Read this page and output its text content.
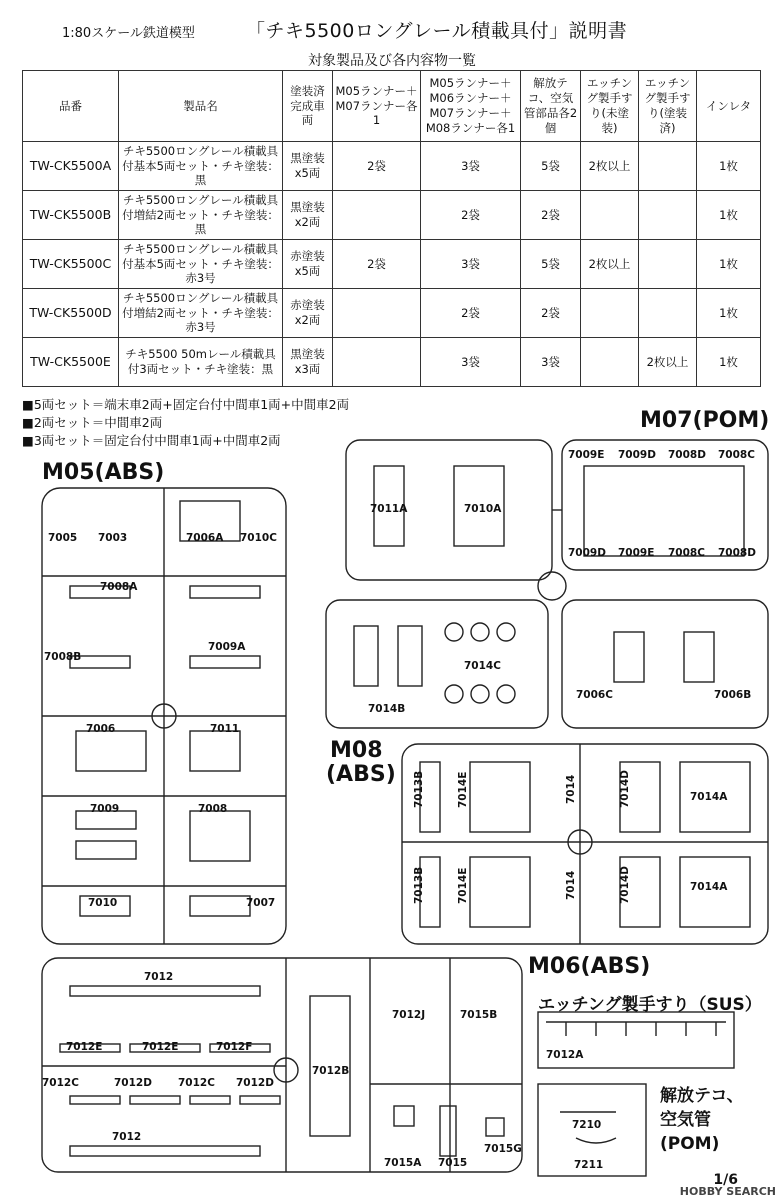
1:80スケール鉄道模型	「チキ5500ロングレール積載具付」説明書
対象製品及び各内容物一覧
品番	製品名	塗装済完成車両	M05ランナー＋M07ランナー各1	M05ランナー＋M06ランナー＋M07ランナー＋M08ランナー各1	解放テコ、空気管部品各2個	エッチング製手すり(未塗装)	エッチング製手すり(塗装済)	インレタ
TW-CK5500A	チキ5500ロングレール積載具付基本5両セット・チキ塗装：黒	黒塗装x5両	2袋	3袋	5袋	2枚以上		1枚
TW-CK5500B	チキ5500ロングレール積載具付増結2両セット・チキ塗装：黒	黒塗装x2両		2袋	2袋			1枚
TW-CK5500C	チキ5500ロングレール積載具付基本5両セット・チキ塗装：赤3号	赤塗装x5両	2袋	3袋	5袋	2枚以上		1枚
TW-CK5500D	チキ5500ロングレール積載具付増結2両セット・チキ塗装：赤3号	赤塗装x2両		2袋	2袋			1枚
TW-CK5500E	チキ5500 50mレール積載具付3両セット・チキ塗装：黒	黒塗装x3両		3袋	3袋		2枚以上	1枚
■ 5両セット＝端末車2両+固定台付中間車1両+中間車2両
■ 2両セット＝中間車2両
■ 3両セット＝固定台付中間車1両+中間車2両
M05(ABS)
M07(POM)
M08
(ABS)
M06(ABS)
エッチング製手すり（SUS）
解放テコ、
空気管
(POM)
7005 7003	7006A 7010C
7008A
7009A
7008B
7006	7011
7009	7008
7010	7007
7009E 7009D 7008D 7008C
7011A	7010A
7009D 7009E 7008C 7008D
7014C
7014B
7006C	7006B
7013B	7014E	7014	7014D	7014A
7013B	7014E	7014	7014D	7014A
7012
7012J	7015B
7012E	7012E	7012F
7012B
7012C	7012D 7012C 7012D
7012
7015A 7015
7015G
7012A
7210
7211
1/6
HOBBY SEARCH
